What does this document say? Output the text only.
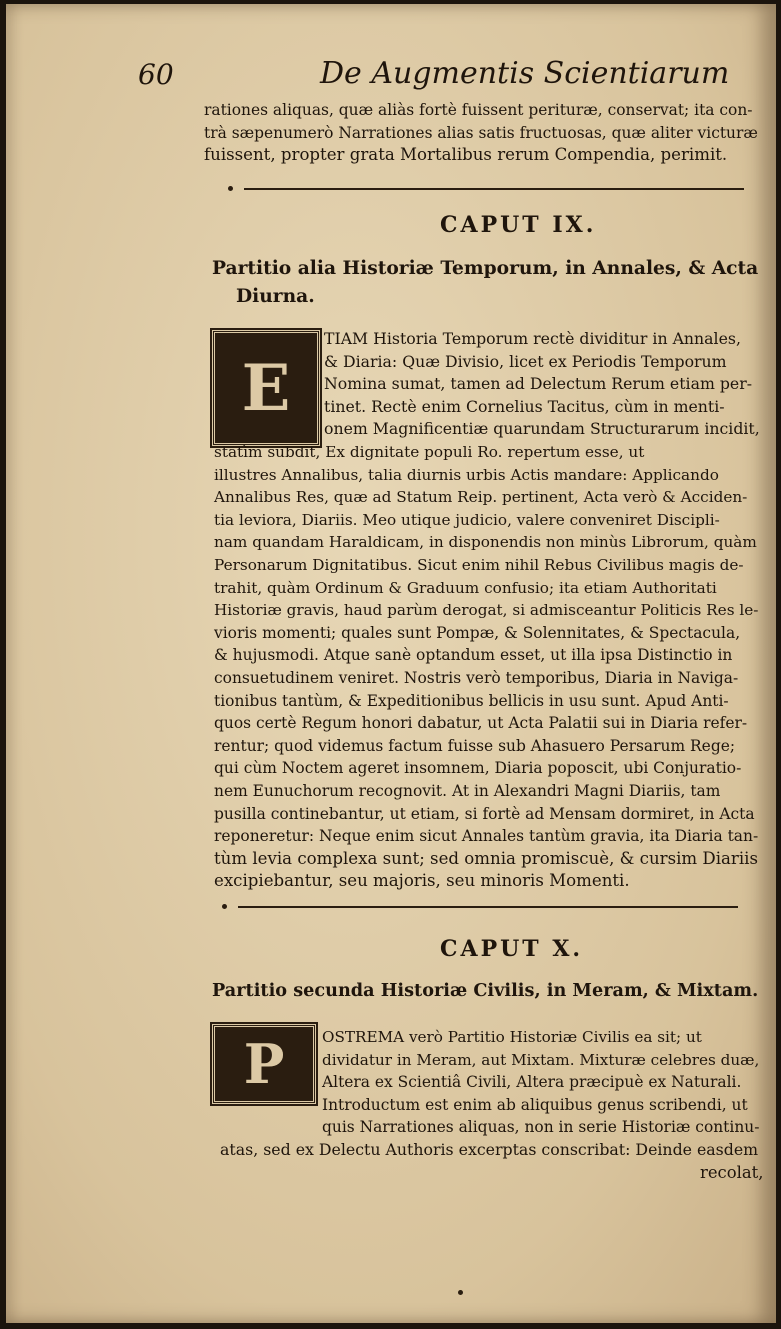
60	De Augmentis Scientiarum
rationes aliquas, quæ aliàs fortè fuissent perituræ, conservat; ita con-
trà sæpenumerò Narrationes alias satis fructuosas, quæ aliter victuræ
fuissent, propter grata Mortalibus rerum Compendia, perimit.
CAPUT IX.
Partitio alia Historiæ Temporum, in Annales, & Acta
Diurna.
E
TIAM Historia Temporum rectè dividitur in Annales,
& Diaria: Quæ Divisio, licet ex Periodis Temporum
Nomina sumat, tamen ad Delectum Rerum etiam per-
tinet. Rectè enim Cornelius Tacitus, cùm in menti-
onem Magnificentiæ quarundam Structurarum incidit,
statìm subdit, Ex dignitate populi Ro. repertum esse, ut
illustres Annalibus, talia diurnis urbis Actis mandare: Applicando
Annalibus Res, quæ ad Statum Reip. pertinent, Acta verò & Acciden-
tia leviora, Diariis. Meo utique judicio, valere conveniret Discipli-
nam quandam Haraldicam, in disponendis non minùs Librorum, quàm
Personarum Dignitatibus. Sicut enim nihil Rebus Civilibus magis de-
trahit, quàm Ordinum & Graduum confusio; ita etiam Authoritati
Historiæ gravis, haud parùm derogat, si admisceantur Politicis Res le-
vioris momenti; quales sunt Pompæ, & Solennitates, & Spectacula,
& hujusmodi. Atque sanè optandum esset, ut illa ipsa Distinctio in
consuetudinem veniret. Nostris verò temporibus, Diaria in Naviga-
tionibus tantùm, & Expeditionibus bellicis in usu sunt. Apud Anti-
quos certè Regum honori dabatur, ut Acta Palatii sui in Diaria refer-
rentur; quod videmus factum fuisse sub Ahasuero Persarum Rege;
qui cùm Noctem ageret insomnem, Diaria poposcit, ubi Conjuratio-
nem Eunuchorum recognovit. At in Alexandri Magni Diariis, tam
pusilla continebantur, ut etiam, si fortè ad Mensam dormiret, in Acta
reponeretur: Neque enim sicut Annales tantùm gravia, ita Diaria tan-
tùm levia complexa sunt; sed omnia promiscuè, & cursim Diariis
excipiebantur, seu majoris, seu minoris Momenti.
CAPUT X.
Partitio secunda Historiæ Civilis, in Meram, & Mixtam.
P OSTREMA verò Partitio Historiæ Civilis ea sit; ut
dividatur in Meram, aut Mixtam. Mixturæ celebres duæ,
Altera ex Scientiâ Civili, Altera præcipuè ex Naturali.
Introductum est enim ab aliquibus genus scribendi, ut
quis Narrationes aliquas, non in serie Historiæ continu-
atas, sed ex Delectu Authoris excerptas conscribat: Deinde easdem
recolat,
